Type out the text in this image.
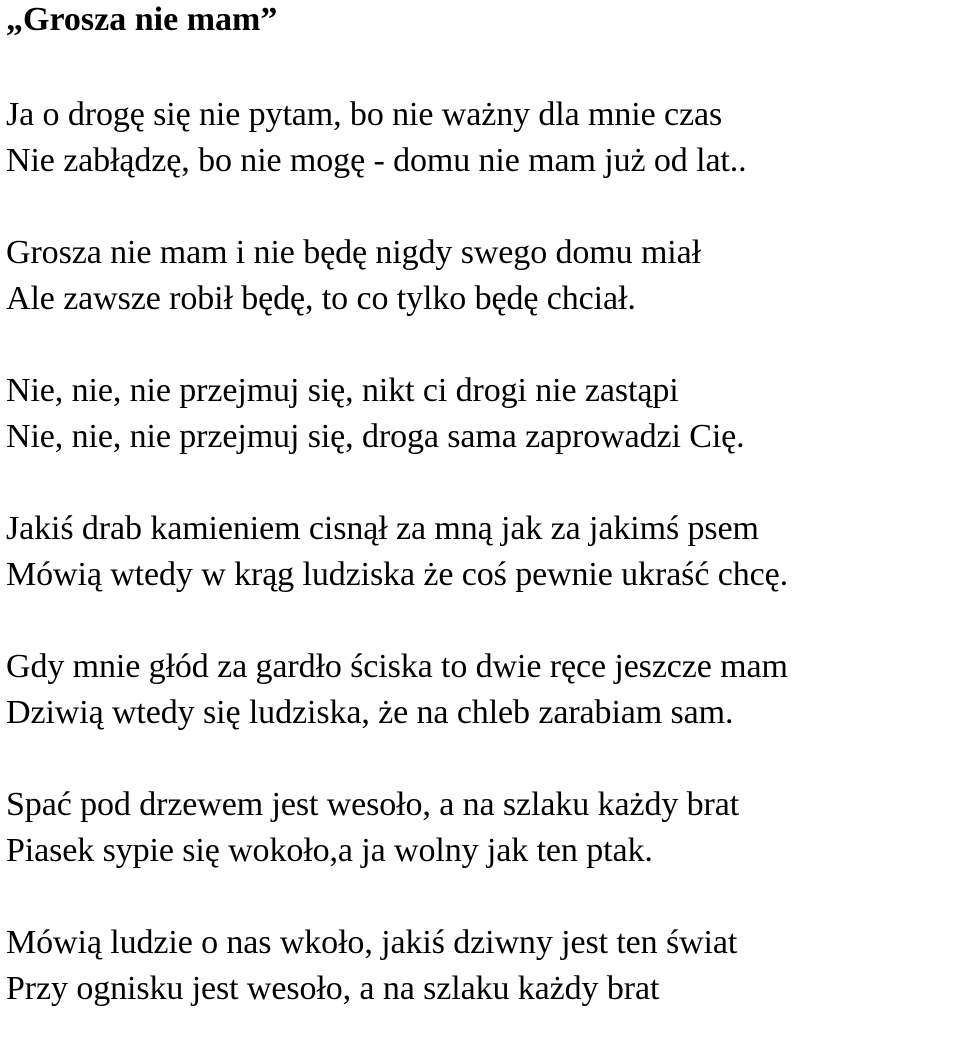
„Grosza nie mam”
Ja o drogę się nie pytam, bo nie ważny dla mnie czas
Nie zabłądzę, bo nie mogę - domu nie mam już od lat..
Grosza nie mam i nie będę nigdy swego domu miał
Ale zawsze robił będę, to co tylko będę chciał.
Nie, nie, nie przejmuj się, nikt ci drogi nie zastąpi
Nie, nie, nie przejmuj się, droga sama zaprowadzi Cię.
Jakiś drab kamieniem cisnął za mną jak za jakimś psem
Mówią wtedy w krąg ludziska że coś pewnie ukraść chcę.
Gdy mnie głód za gardło ściska to dwie ręce jeszcze mam
Dziwią wtedy się ludziska, że na chleb zarabiam sam.
Spać pod drzewem jest wesoło, a na szlaku każdy brat
Piasek sypie się wokoło,a ja wolny jak ten ptak.
Mówią ludzie o nas wkoło, jakiś dziwny jest ten świat
Przy ognisku jest wesoło, a na szlaku każdy brat
